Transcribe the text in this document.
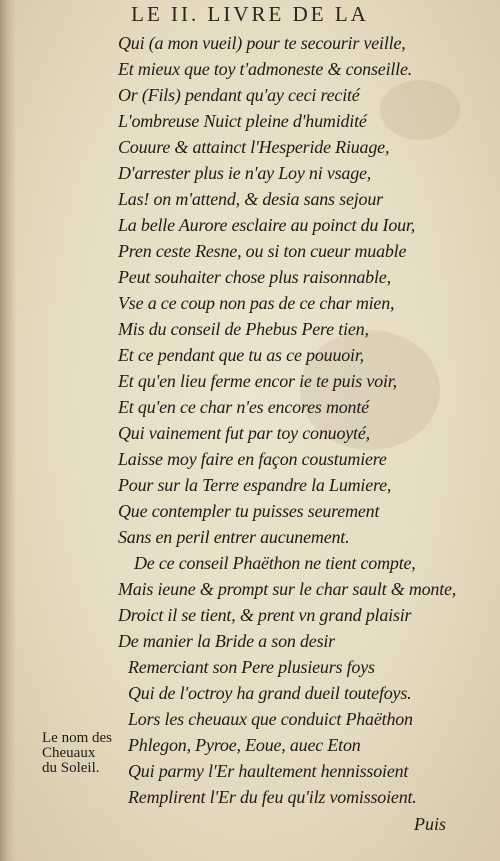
LE II. LIVRE DE LA
Qui (a mon vueil) pour te secourir veille,
Et mieux que toy t'admoneste & conseille.
Or (Fils) pendant qu'ay ceci recité
L'ombreuse Nuict pleine d'humidité
Couure & attainct l'Hesperide Riuage,
D'arrester plus ie n'ay Loy ni vsage,
Las! on m'attend, & desia sans sejour
La belle Aurore esclaire au poinct du Iour,
Pren ceste Resne, ou si ton cueur muable
Peut souhaiter chose plus raisonnable,
Vse a ce coup non pas de ce char mien,
Mis du conseil de Phebus Pere tien,
Et ce pendant que tu as ce pouuoir,
Et qu'en lieu ferme encor ie te puis voir,
Et qu'en ce char n'es encores monté
Qui vainement fut par toy conuoyté,
Laisse moy faire en façon coustumiere
Pour sur la Terre espandre la Lumiere,
Que contempler tu puisses seurement
Sans en peril entrer aucunement.
De ce conseil Phaëthon ne tient compte,
Mais ieune & prompt sur le char sault & monte,
Droict il se tient, & prent vn grand plaisir
De manier la Bride a son desir
Remerciant son Pere plusieurs foys
Qui de l'octroy ha grand dueil toutefoys.
Lors les cheuaux que conduict Phaëthon
Phlegon, Pyroe, Eoue, auec Eton
Qui parmy l'Er haultement hennissoient
Remplirent l'Er du feu qu'ilz vomissoient.
Le nom des
Cheuaux
du Soleil.
Puis
